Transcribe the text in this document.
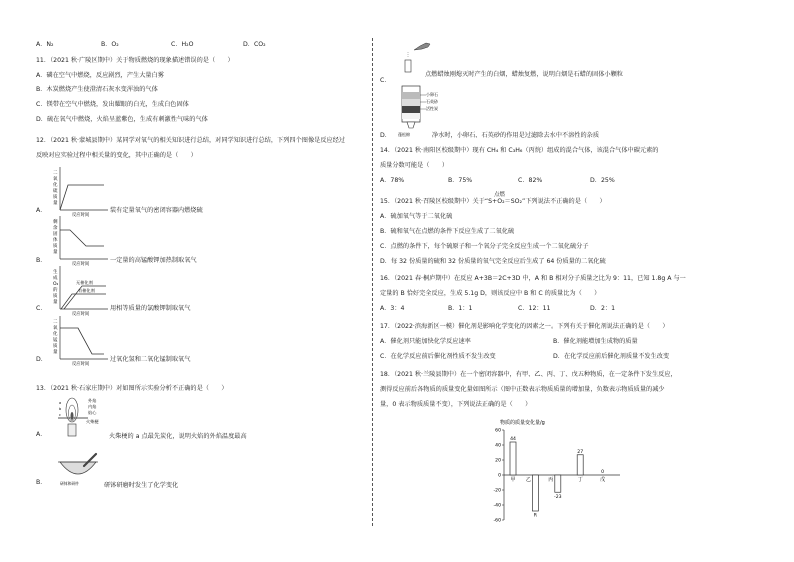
A．N₂	B．O₂	C．H₂O	D．CO₂
11．（2021 秋·广陵区期中）关于物质燃烧的现象描述错误的是（　　）
A．磷在空气中燃烧，反应剧烈，产生大量白雾
B．木炭燃烧产生使澄清石灰水变浑浊的气体
C．镁带在空气中燃烧，发出耀眼的白光，生成白色固体
D．硫在氧气中燃烧，火焰呈蓝紫色，生成有刺激性气味的气体
12．（2021 秋·蒙城县期中）某同学对氧气的相关知识进行总结，对同学知识进行总结，下列四个图像是反应经过
反映对应实验过程中相关量的变化，其中正确的是（　　）
A．
二
氧
化
硫
质
量
反应时间
装有定量氧气的密闭容器内燃烧硫
B．
剩
余
固
体
质
量
反应时间
一定量的高锰酸钾加热制取氧气
C．
生
成
O₂
的
质
量
无催化剂
有催化剂
反应时间
用相等质量的氯酸钾制取氧气
D．
二
氧
化
锰
质
量
反应时间
过氧化氢和二氧化锰制取氧气
13．（2021 秋·石家庄期中）对如图所示实验分析不正确的是（　　）
a
b
c
外焰
内焰
焰心
火柴梗
A．	火柴梗的 a 点最先炭化，说明火焰的外焰温度最高
研钵和研杵
B．	研钵研磨时发生了化学变化
点燃蜡烛刚熄灭时产生的白烟，蜡烛复燃，说明白烟是石蜡的固体小颗粒
C．
小卵石
石英砂
活性炭
蓬松棉
D．	净水时，小卵石、石英砂的作用是过滤除去水中不溶性的杂质
14．（2021 秋·南阳区校级期中）现有 CH₄ 和 C₃H₆（丙烷）组成的混合气体，该混合气体中碳元素的
质量分数可能是（　　）
A．78%	B．75%	C．82%	D．25%
点燃
15．（2021 秋·召陵区校级期中）关于“S+O₂＝SO₂”下列说法不正确的是（　　）
A．硫加氧气等于二氧化硫
B．硫和氧气在点燃的条件下反应生成了二氧化硫
C．点燃的条件下，每个硫原子和一个氧分子完全反应生成一个二氧化硫分子
D．每 32 份质量的硫和 32 份质量的氧气完全反应后生成了 64 份质量的二氧化硫
16．（2021 春·桐庐期中）在反应 A+3B＝2C+3D 中，A 和 B 相对分子质量之比为 9：11，已知 1.8g A 与一
定量的 B 恰好完全反应，生成 5.1g D，则该反应中 B 和 C 的质量比为（　　）
A．3：4	B．1：1	C．12：11	D．2：1
17．（2022·滨海新区一模）催化剂是影响化学变化的因素之一。下列有关于催化剂说法正确的是（　　）
A．催化剂只能加快化学反应速率	B．催化剂能增加生成物的质量
C．在化学反应前后催化剂性质不发生改变	D．在化学反应前后催化剂质量不发生改变
18．（2021 秋·兰陵县期中）在一个密闭容器中，有甲、乙、丙、丁、戊五种物质，在一定条件下发生反应，
测得反应前后各物质的质量变化量如图所示（图中正数表示物质质量的增加量，负数表示物质质量的减少
量，0 表示物质质量不变），下列说法正确的是（　　）
物质的质量变化量/g
60
40
20
0
-20
-40
-60
44
甲
R
乙
-23
丙
27
丁
0
戊
